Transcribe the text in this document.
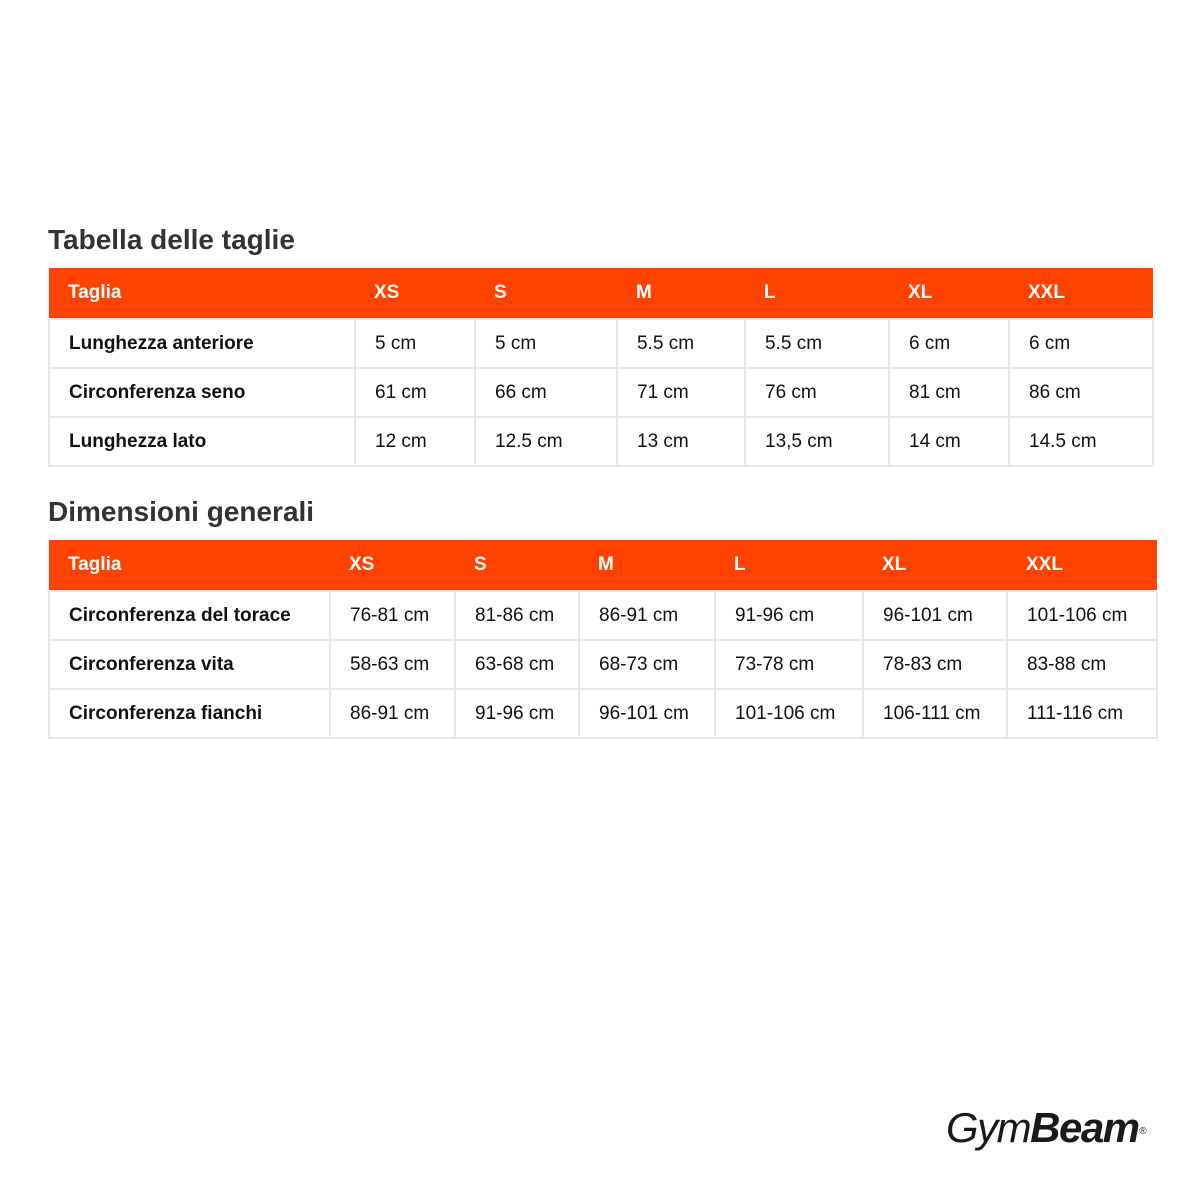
Tabella delle taglie
Taglia	XS	S	M	L	XL	XXL
Lunghezza anteriore	5 cm	5 cm	5.5 cm	5.5 cm	6 cm	6 cm
Circonferenza seno	61 cm	66 cm	71 cm	76 cm	81 cm	86 cm
Lunghezza lato	12 cm	12.5 cm	13 cm	13,5 cm	14 cm	14.5 cm
Dimensioni generali
Taglia	XS	S	M	L	XL	XXL
Circonferenza del torace	76-81 cm	81-86 cm	86-91 cm	91-96 cm	96-101 cm	101-106 cm
Circonferenza vita	58-63 cm	63-68 cm	68-73 cm	73-78 cm	78-83 cm	83-88 cm
Circonferenza fianchi	86-91 cm	91-96 cm	96-101 cm	101-106 cm	106-111 cm	111-116 cm
GymBeam ®
